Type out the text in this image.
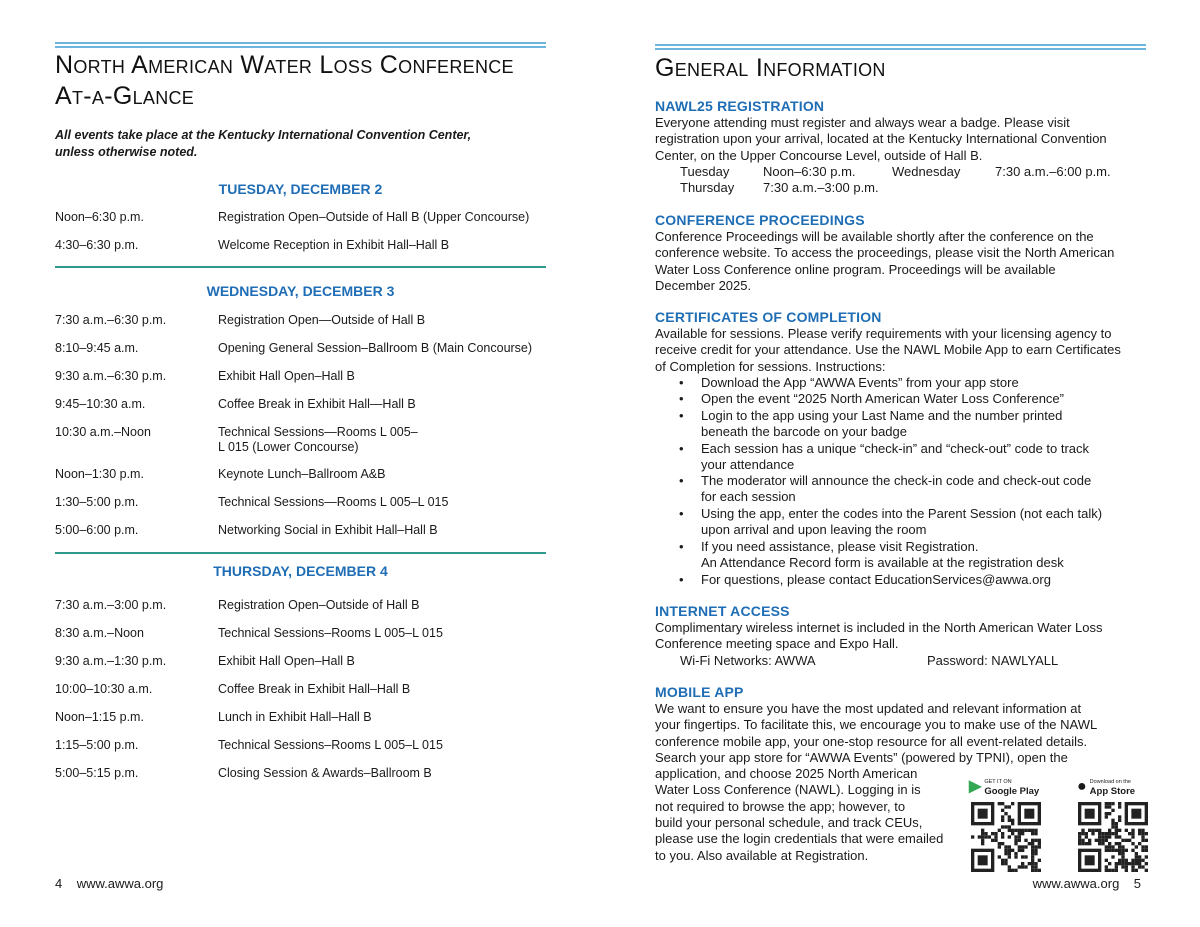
North American Water Loss Conference
At-a-Glance
All events take place at the Kentucky International Convention Center,
unless otherwise noted.
TUESDAY, DECEMBER 2
Noon–6:30 p.m.	Registration Open–Outside of Hall B (Upper Concourse)
4:30–6:30 p.m.	Welcome Reception in Exhibit Hall–Hall B
WEDNESDAY, DECEMBER 3
7:30 a.m.–6:30 p.m.	Registration Open—Outside of Hall B
8:10–9:45 a.m.	Opening General Session–Ballroom B (Main Concourse)
9:30 a.m.–6:30 p.m.	Exhibit Hall Open–Hall B
9:45–10:30 a.m.	Coffee Break in Exhibit Hall—Hall B
10:30 a.m.–Noon	Technical Sessions—Rooms L 005–
L 015 (Lower Concourse)
Noon–1:30 p.m.	Keynote Lunch–Ballroom A&B
1:30–5:00 p.m.	Technical Sessions—Rooms L 005–L 015
5:00–6:00 p.m.	Networking Social in Exhibit Hall–Hall B
THURSDAY, DECEMBER 4
7:30 a.m.–3:00 p.m.	Registration Open–Outside of Hall B
8:30 a.m.–Noon	Technical Sessions–Rooms L 005–L 015
9:30 a.m.–1:30 p.m.	Exhibit Hall Open–Hall B
10:00–10:30 a.m.	Coffee Break in Exhibit Hall–Hall B
Noon–1:15 p.m.	Lunch in Exhibit Hall–Hall B
1:15–5:00 p.m.	Technical Sessions–Rooms L 005–L 015
5:00–5:15 p.m.	Closing Session & Awards–Ballroom B
4 www.awwa.org
General Information
NAWL25 REGISTRATION
Everyone attending must register and always wear a badge. Please visit
registration upon your arrival, located at the Kentucky International Convention
Center, on the Upper Concourse Level, outside of Hall B.
Tuesday	Noon–6:30 p.m.	Wednesday	7:30 a.m.–6:00 p.m.
Thursday 7:30 a.m.–3:00 p.m.
CONFERENCE PROCEEDINGS
Conference Proceedings will be available shortly after the conference on the
conference website. To access the proceedings, please visit the North American
Water Loss Conference online program. Proceedings will be available
December 2025.
CERTIFICATES OF COMPLETION
Available for sessions. Please verify requirements with your licensing agency to
receive credit for your attendance. Use the NAWL Mobile App to earn Certificates
of Completion for sessions. Instructions:
• Download the App “AWWA Events” from your app store
• Open the event “2025 North American Water Loss Conference”
• Login to the app using your Last Name and the number printed
beneath the barcode on your badge
• Each session has a unique “check-in” and “check-out” code to track
your attendance
• The moderator will announce the check-in code and check-out code
for each session
• Using the app, enter the codes into the Parent Session (not each talk)
upon arrival and upon leaving the room
• If you need assistance, please visit Registration.
An Attendance Record form is available at the registration desk
• For questions, please contact EducationServices@awwa.org
INTERNET ACCESS
Complimentary wireless internet is included in the North American Water Loss
Conference meeting space and Expo Hall.
Wi-Fi Networks: AWWA	Password: NAWLYALL
MOBILE APP
We want to ensure you have the most updated and relevant information at
your fingertips. To facilitate this, we encourage you to make use of the NAWL
conference mobile app, your one-stop resource for all event-related details.
Search your app store for “AWWA Events” (powered by TPNI), open the
application, and choose 2025 North American
Water Loss Conference (NAWL). Logging in is
not required to browse the app; however, to
build your personal schedule, and track CEUs,
please use the login credentials that were emailed
to you. Also available at Registration.
▶ GET IT ON
Google Play ● Download on the
App Store
www.awwa.org 5
